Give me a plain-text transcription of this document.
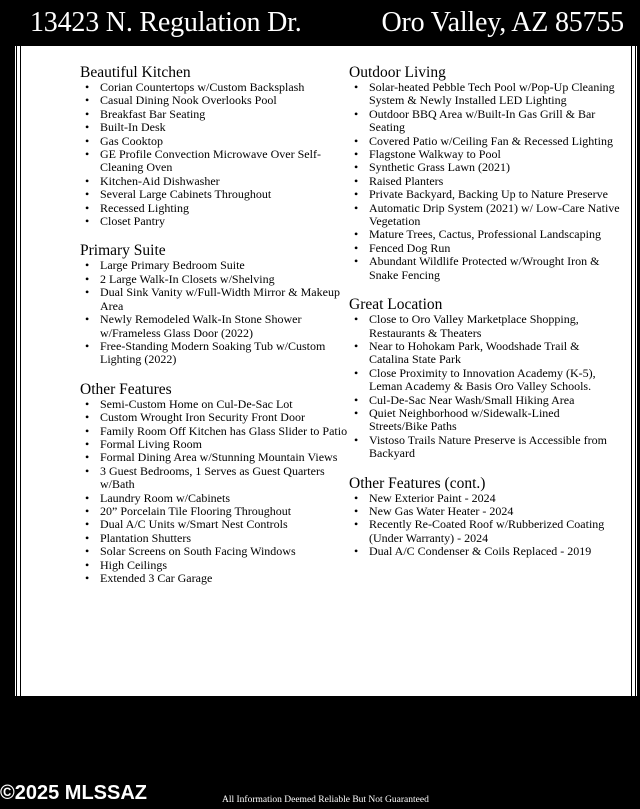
13423 N. Regulation Dr.	Oro Valley, AZ 85755
Beautiful Kitchen
• Corian Countertops w/Custom Backsplash
• Casual Dining Nook Overlooks Pool
• Breakfast Bar Seating
• Built-In Desk
• Gas Cooktop
• GE Profile Convection Microwave Over Self-Cleaning Oven
• Kitchen-Aid Dishwasher
• Several Large Cabinets Throughout
• Recessed Lighting
• Closet Pantry
Primary Suite
• Large Primary Bedroom Suite
• 2 Large Walk-In Closets w/Shelving
• Dual Sink Vanity w/Full-Width Mirror & Makeup Area
• Newly Remodeled Walk-In Stone Shower w/Frameless Glass Door (2022)
• Free-Standing Modern Soaking Tub w/Custom Lighting (2022)
Other Features
• Semi-Custom Home on Cul-De-Sac Lot
• Custom Wrought Iron Security Front Door
• Family Room Off Kitchen has Glass Slider to Patio
• Formal Living Room
• Formal Dining Area w/Stunning Mountain Views
• 3 Guest Bedrooms, 1 Serves as Guest Quarters w/Bath
• Laundry Room w/Cabinets
• 20” Porcelain Tile Flooring Throughout
• Dual A/C Units w/Smart Nest Controls
• Plantation Shutters
• Solar Screens on South Facing Windows
• High Ceilings
• Extended 3 Car Garage
Outdoor Living
• Solar-heated Pebble Tech Pool w/Pop-Up Cleaning System & Newly Installed LED Lighting
• Outdoor BBQ Area w/Built-In Gas Grill & Bar Seating
• Covered Patio w/Ceiling Fan & Recessed Lighting
• Flagstone Walkway to Pool
• Synthetic Grass Lawn (2021)
• Raised Planters
• Private Backyard, Backing Up to Nature Preserve
• Automatic Drip System (2021) w/ Low-Care Native Vegetation
• Mature Trees, Cactus, Professional Landscaping
• Fenced Dog Run
• Abundant Wildlife Protected w/Wrought Iron & Snake Fencing
Great Location
• Close to Oro Valley Marketplace Shopping, Restaurants & Theaters
• Near to Hohokam Park, Woodshade Trail & Catalina State Park
• Close Proximity to Innovation Academy (K-5), Leman Academy & Basis Oro Valley Schools.
• Cul-De-Sac Near Wash/Small Hiking Area
• Quiet Neighborhood w/Sidewalk-Lined Streets/Bike Paths
• Vistoso Trails Nature Preserve is Accessible from Backyard
Other Features (cont.)
• New Exterior Paint - 2024
• New Gas Water Heater - 2024
• Recently Re-Coated Roof w/Rubberized Coating (Under Warranty) - 2024
• Dual A/C Condenser & Coils Replaced - 2019
©2025 MLSSAZ	All Information Deemed Reliable But Not Guaranteed
